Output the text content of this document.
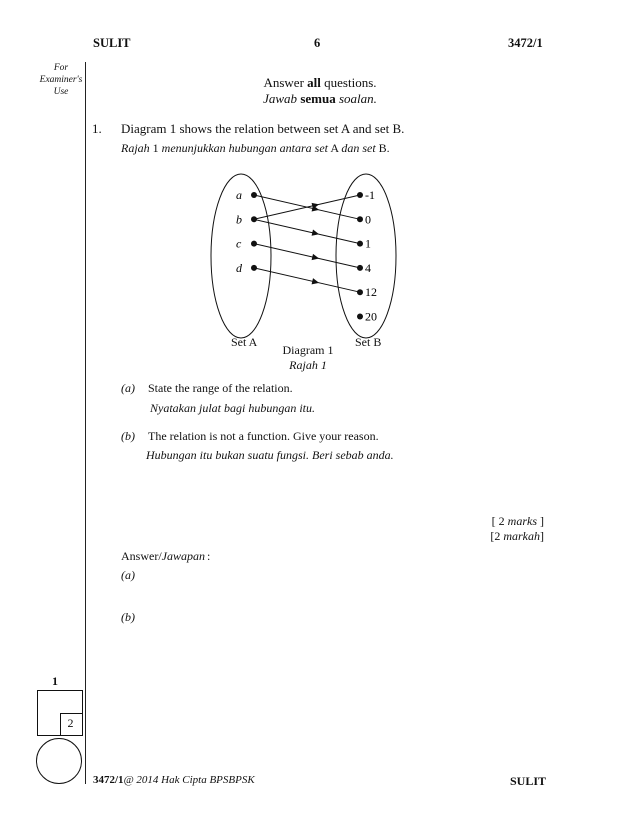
SULIT	6	3472/1
For
Examiner's
Use
Answer all questions.
Jawab semua soalan.
1. Diagram 1 shows the relation between set A and set B.
Rajah 1 menunjukkan hubungan antara set A dan set B.
a
b
c
d
-1
0
1
4
12
20
Set A	Set B
Diagram 1
Rajah 1
(a) State the range of the relation.
Nyatakan julat bagi hubungan itu.
(b) The relation is not a function. Give your reason.
Hubungan itu bukan suatu fungsi. Beri sebab anda.
[ 2 marks ]
[2 markah]
Answer/Jawapan :
(a)
(b)
1
2
3472/1@ 2014 Hak Cipta BPSBPSK	SULIT
